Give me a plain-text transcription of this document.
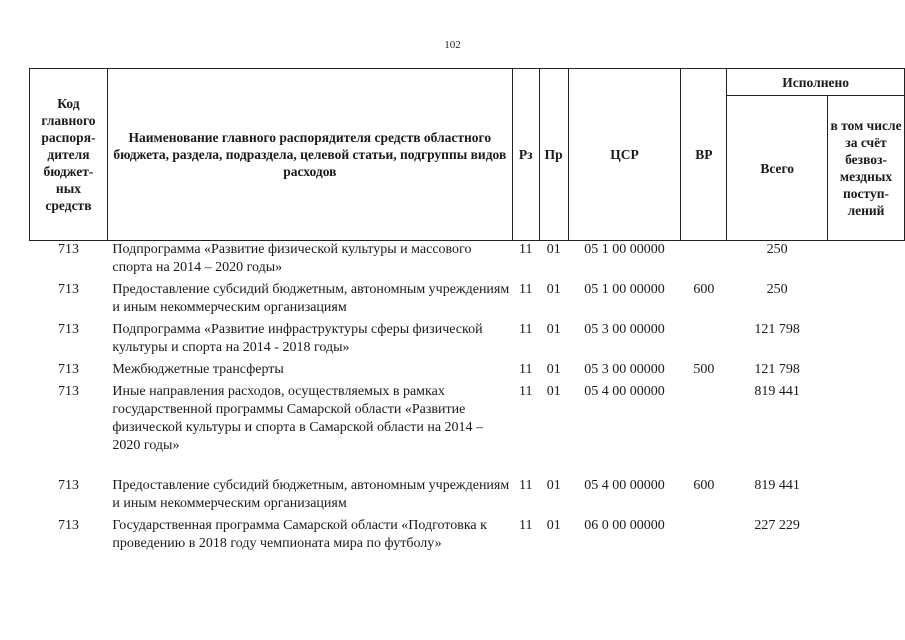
102
Код главного распоря-дителя бюджет-ных средств	Наименование главного распорядителя средств областного бюджета, раздела, подраздела, целевой статьи, подгруппы видов расходов	Рз	Пр	ЦСР	ВР	Исполнено	
						Всего	в том числе за счёт безвоз-мездных поступ-лений
713	Подпрограмма «Развитие физической культуры и массового спорта на 2014 – 2020 годы»	11	01	05 1 00 00000		250	
713	Предоставление субсидий бюджетным, автономным учреждениям и иным некоммерческим организациям	11	01	05 1 00 00000	600	250	
713	Подпрограмма «Развитие инфраструктуры сферы физической культуры и спорта на 2014 - 2018 годы»	11	01	05 3 00 00000		121 798	
713	Межбюджетные трансферты	11	01	05 3 00 00000	500	121 798	
713	Иные направления расходов, осуществляемых в рамках государственной программы Самарской области «Развитие физической культуры и спорта в Самарской области на 2014 – 2020 годы»	11	01	05 4 00 00000		819 441	
713	Предоставление субсидий бюджетным, автономным учреждениям и иным некоммерческим организациям	11	01	05 4 00 00000	600	819 441	
713	Государственная программа Самарской области «Подготовка к проведению в 2018 году чемпионата мира по футболу»	11	01	06 0 00 00000		227 229	
